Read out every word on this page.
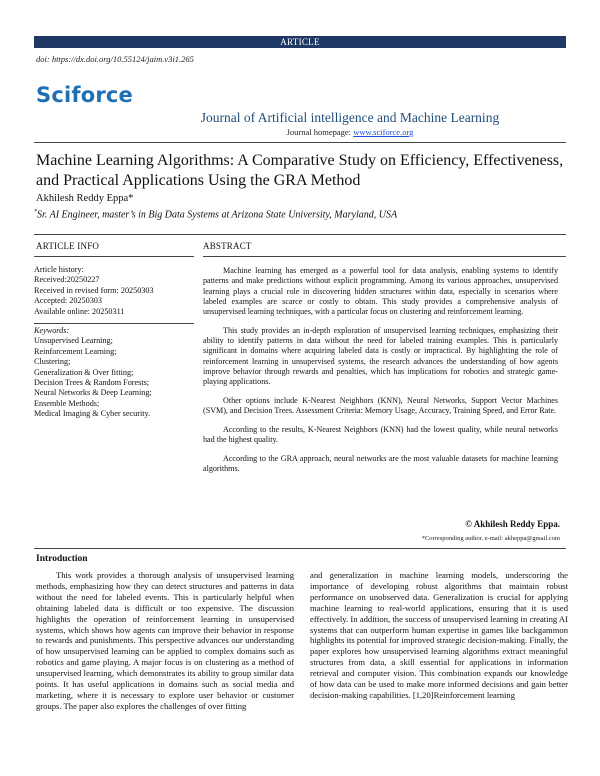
ARTICLE
doi: https://dx.doi.org/10.55124/jaim.v3i1.265
Sciforce
Journal of Artificial intelligence and Machine Learning
Journal homepage: www.sciforce.org
Machine Learning Algorithms: A Comparative Study on Efficiency, Effectiveness, and Practical Applications Using the GRA Method
Akhilesh Reddy Eppa*
*Sr. AI Engineer, master’s in Big Data Systems at Arizona State University, Maryland, USA
ARTICLE INFO	ABSTRACT
Article history:
Received:20250227
Received in revised form: 20250303
Accepted: 20250303
Available online: 20250311
Keywords:
Unsupervised Learning;
Reinforcement Learning;
Clustering;
Generalization & Over fitting;
Decision Trees & Random Forests;
Neural Networks & Deep Learning;
Ensemble Methods;
Medical Imaging & Cyber security.

Machine learning has emerged as a powerful tool for data analysis, enabling systems to identify patterns and make predictions without explicit programming. Among its various approaches, unsupervised learning plays a crucial role in discovering hidden structures within data, especially in scenarios where labeled examples are scarce or costly to obtain. This study provides a comprehensive analysis of unsupervised learning techniques, with a particular focus on clustering and reinforcement learning.

This study provides an in-depth exploration of unsupervised learning techniques, emphasizing their ability to identify patterns in data without the need for labeled training examples. This is particularly significant in domains where acquiring labeled data is costly or impractical. By highlighting the role of reinforcement learning in unsupervised systems, the research advances the understanding of how agents improve behavior through rewards and penalties, which has implications for robotics and strategic game-playing applications.

Other options include K-Nearest Neighbors (KNN), Neural Networks, Support Vector Machines (SVM), and Decision Trees. Assessment Criteria: Memory Usage, Accuracy, Training Speed, and Error Rate.

According to the results, K-Nearest Neighbors (KNN) had the lowest quality, while neural networks had the highest quality.

According to the GRA approach, neural networks are the most valuable datasets for machine learning algorithms.

© Akhilesh Reddy Eppa.
*Corresponding author. e-mail: akheppa@gmail.com
Introduction

This work provides a thorough analysis of unsupervised learning methods, emphasizing how they can detect structures and patterns in data without the need for labeled events. This is particularly helpful when obtaining labeled data is difficult or too expensive. The discussion highlights the operation of reinforcement learning in unsupervised systems, which shows how agents can improve their behavior in response to rewards and punishments. This perspective advances our understanding of how unsupervised learning can be applied to complex domains such as robotics and game playing. A major focus is on clustering as a method of unsupervised learning, which demonstrates its ability to group similar data points. It has useful applications in domains such as social media and marketing, where it is necessary to explore user behavior or customer groups. The paper also explores the challenges of over fitting

and generalization in machine learning models, underscoring the importance of developing robust algorithms that maintain robust performance on unobserved data. Generalization is crucial for applying machine learning to real-world applications, ensuring that it is used effectively. In addition, the success of unsupervised learning in creating AI systems that can outperform human expertise in games like backgammon highlights its potential for improved strategic decision-making. Finally, the paper explores how unsupervised learning algorithms extract meaningful structures from data, a skill essential for applications in information retrieval and computer vision. This combination expands our knowledge of how data can be used to make more informed decisions and gain better decision-making capabilities. [1,20]Reinforcement learning
